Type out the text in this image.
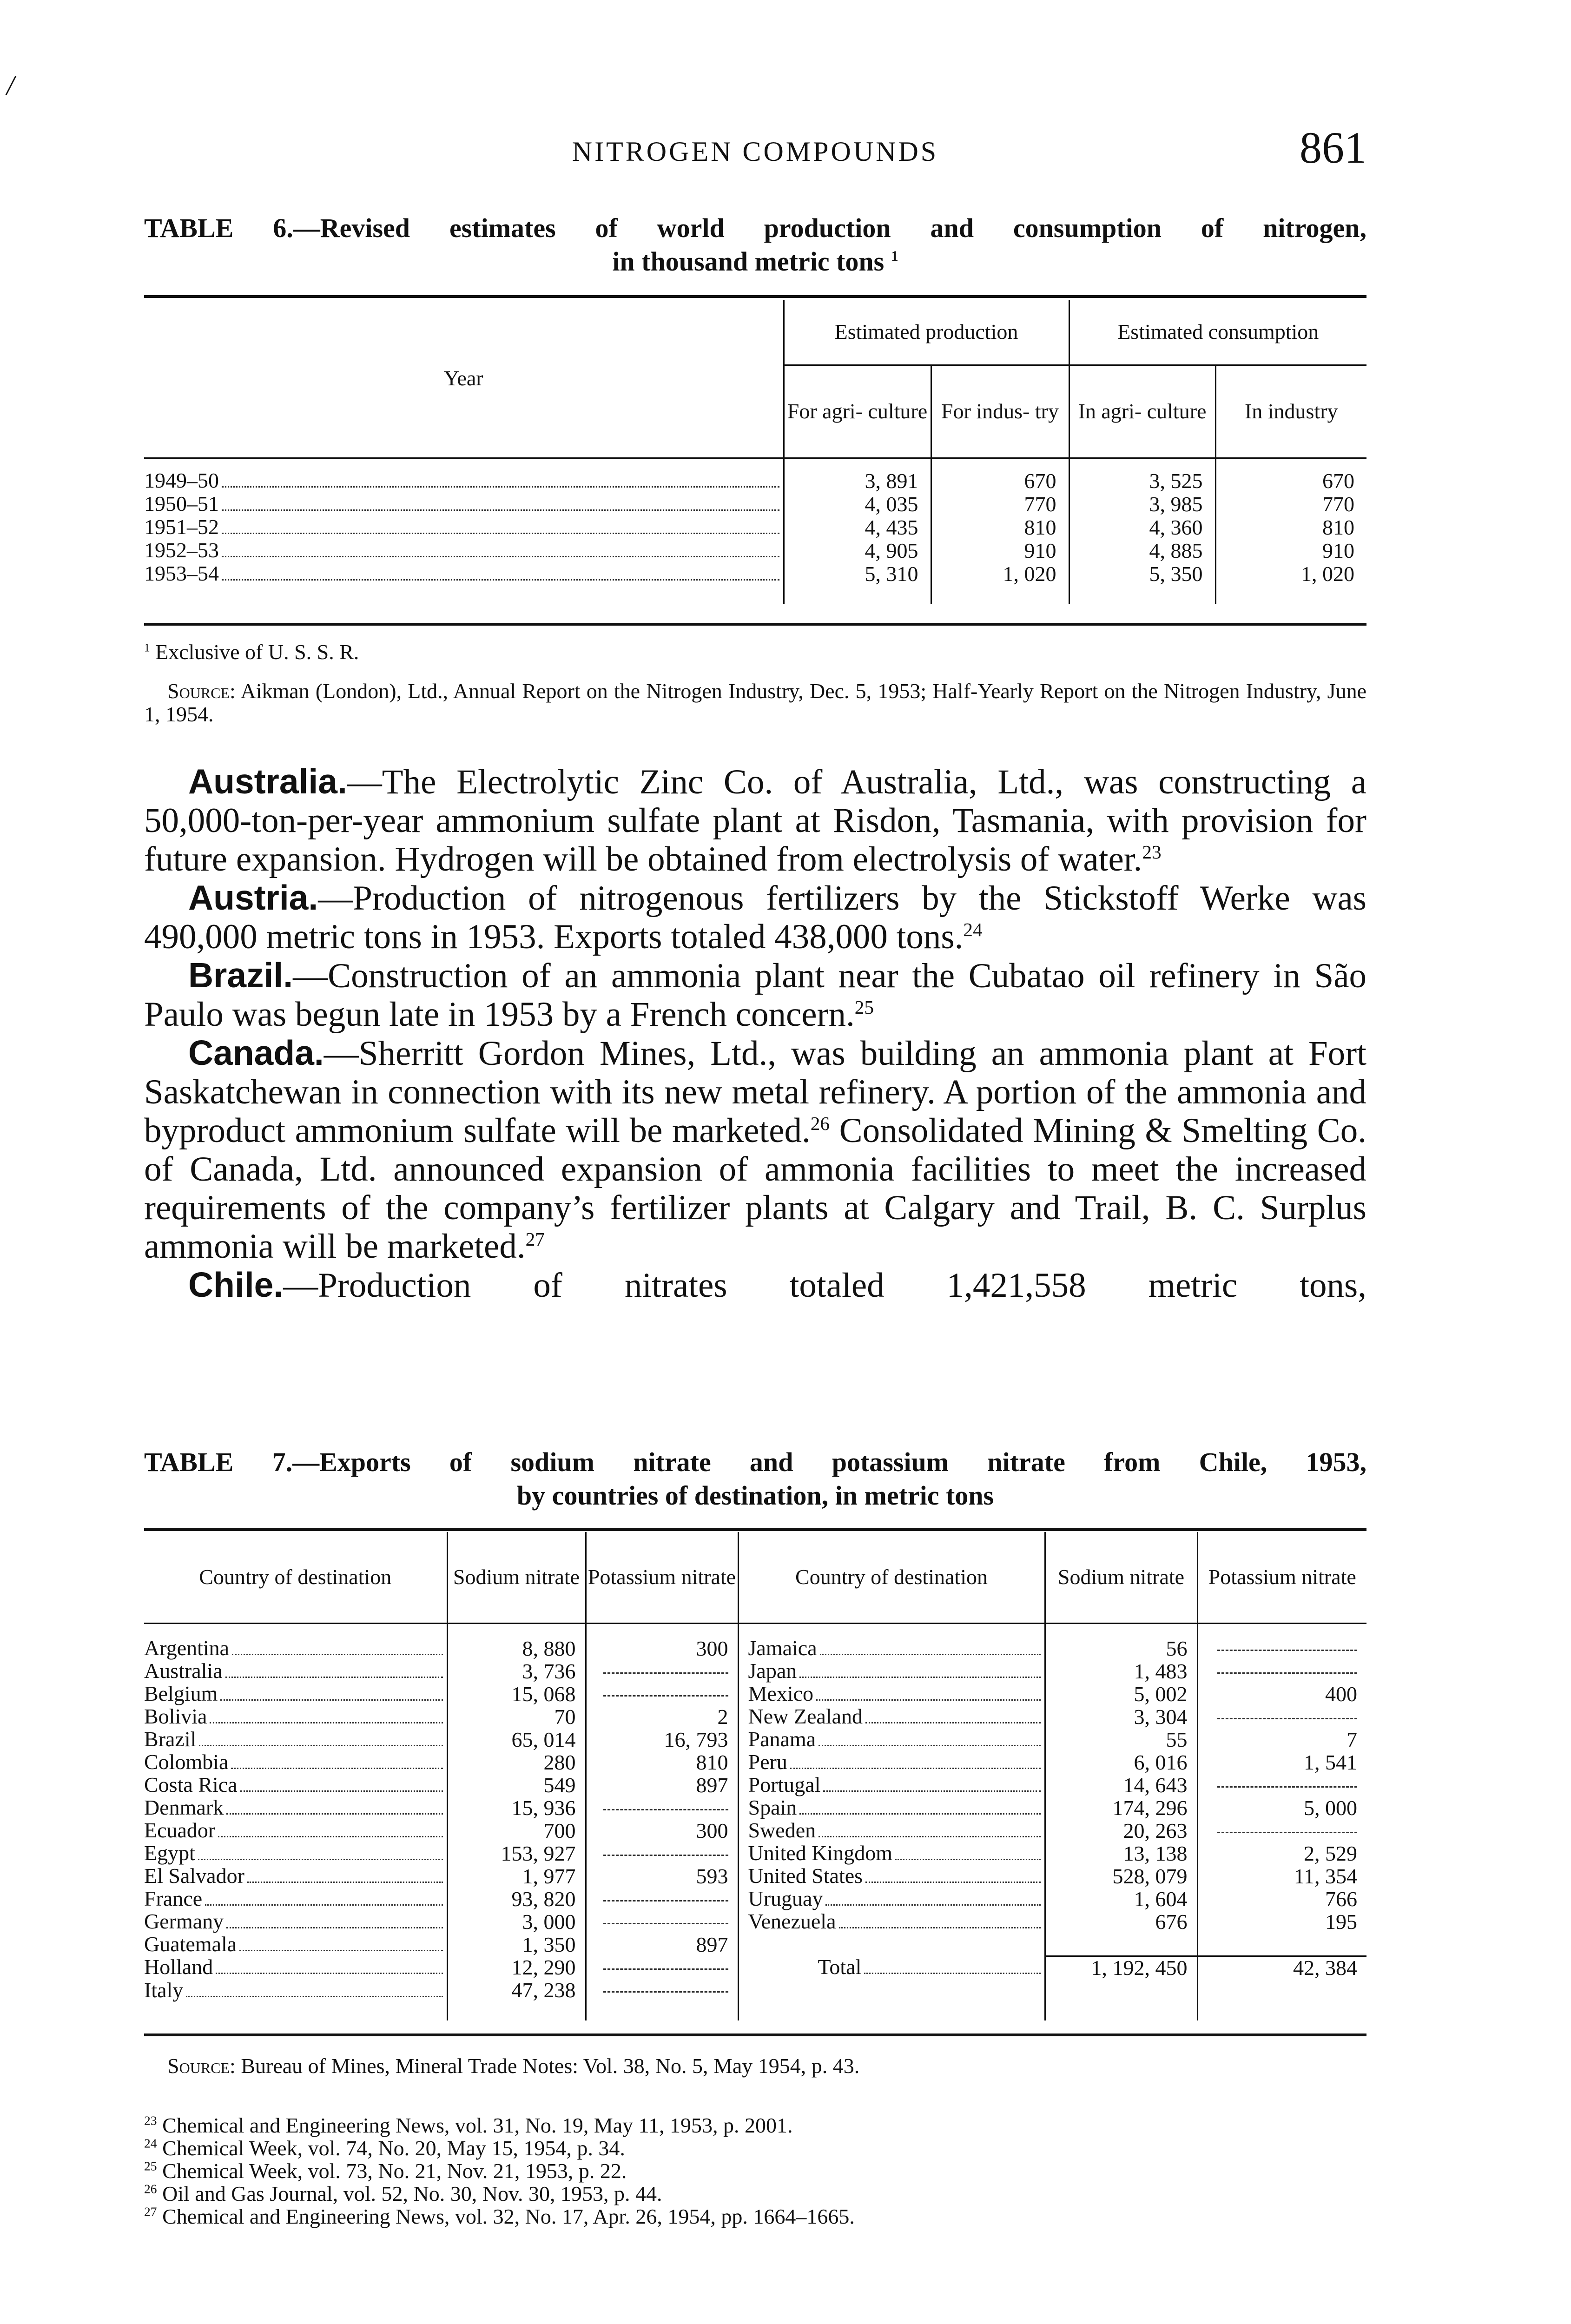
/
NITROGEN COMPOUNDS	861
TABLE 6.—Revised estimates of world production and consumption of nitrogen,
in thousand metric tons $^1$
Year	Estimated production		Estimated consumption	
	For agri- culture	For indus- try	In agri- culture	In industry

1949–50	3, 891	670	3, 525	670

1950–51	4, 035	770	3, 985	770

1951–52	4, 435	810	4, 360	810

1952–53	4, 905	910	4, 885	910

1953–54	5, 310	1, 020	5, 350	1, 020

$^1$ Exclusive of U. S. S. R.
Source: Aikman (London), Ltd., Annual Report on the Nitrogen Industry, Dec. 5, 1953; Half-Yearly Report on the Nitrogen Industry, June 1, 1954.

Australia.—The Electrolytic Zinc Co. of Australia, Ltd., was constructing a 50,000-ton-per-year ammonium sulfate plant at Risdon, Tasmania, with provision for future expansion. Hydrogen will be obtained from electrolysis of water.$^{23}$

Austria.—Production of nitrogenous fertilizers by the Stickstoff Werke was 490,000 metric tons in 1953. Exports totaled 438,000 tons.$^{24}$

Brazil.—Construction of an ammonia plant near the Cubatao oil refinery in São Paulo was begun late in 1953 by a French concern.$^{25}$

Canada.—Sherritt Gordon Mines, Ltd., was building an ammonia plant at Fort Saskatchewan in connection with its new metal refinery. A portion of the ammonia and byproduct ammonium sulfate will be marketed.$^{26}$ Consolidated Mining & Smelting Co. of Canada, Ltd. announced expansion of ammonia facilities to meet the increased requirements of the company’s fertilizer plants at Calgary and Trail, B. C. Surplus ammonia will be marketed.$^{27}$

Chile.—Production of nitrates totaled 1,421,558 metric tons,

TABLE 7.—Exports of sodium nitrate and potassium nitrate from Chile, 1953,
by countries of destination, in metric tons
Country of destination	Sodium nitrate	Potassium nitrate	Country of destination	Sodium nitrate	Potassium nitrate

Argentina	8, 880	300	Jamaica	56	

Australia	3, 736		Japan	1, 483	

Belgium	15, 068		Mexico	5, 002	400

Bolivia	70	2	New Zealand	3, 304	

Brazil	65, 014	16, 793	Panama	55	7

Colombia	280	810	Peru	6, 016	1, 541

Costa Rica	549	897	Portugal	14, 643	

Denmark	15, 936		Spain	174, 296	5, 000

Ecuador	700	300	Sweden	20, 263	

Egypt	153, 927		United Kingdom	13, 138	2, 529

El Salvador	1, 977	593	United States	528, 079	11, 354

France	93, 820		Uruguay	1, 604	766

Germany	3, 000		Venezuela	676	195

Guatemala	1, 350	897			

Holland	12, 290		Total	1, 192, 450	42, 384

Italy	47, 238				

Source: Bureau of Mines, Mineral Trade Notes: Vol. 38, No. 5, May 1954, p. 43.
$^{23}$ Chemical and Engineering News, vol. 31, No. 19, May 11, 1953, p. 2001.
$^{24}$ Chemical Week, vol. 74, No. 20, May 15, 1954, p. 34.
$^{25}$ Chemical Week, vol. 73, No. 21, Nov. 21, 1953, p. 22.
$^{26}$ Oil and Gas Journal, vol. 52, No. 30, Nov. 30, 1953, p. 44.
$^{27}$ Chemical and Engineering News, vol. 32, No. 17, Apr. 26, 1954, pp. 1664–1665.
